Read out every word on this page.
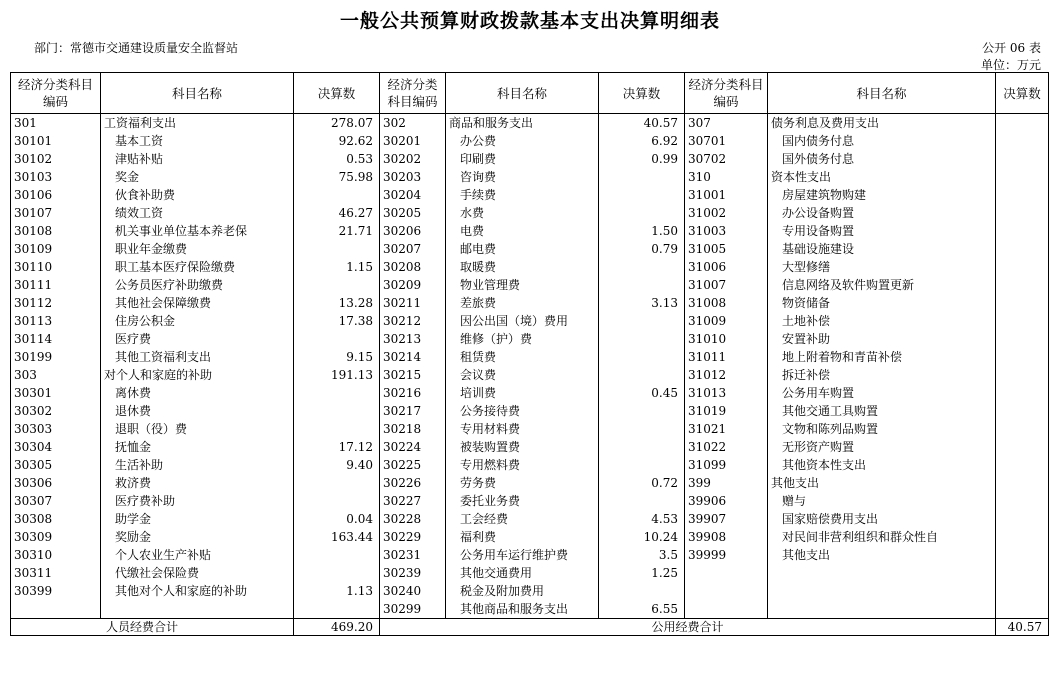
一般公共预算财政拨款基本支出决算明细表
部门：常德市交通建设质量安全监督站	公开 06 表
单位：万元
经济分类科目编码	科目名称	决算数	经济分类科目编码	科目名称	决算数	经济分类科目编码	科目名称	决算数
301	工资福利支出	278.07	302	商品和服务支出	40.57	307	债务利息及费用支出	
30101	基本工资	92.62	30201	办公费	6.92	30701	国内债务付息	
30102	津贴补贴	0.53	30202	印刷费	0.99	30702	国外债务付息	
30103	奖金	75.98	30203	咨询费		310	资本性支出	
30106	伙食补助费		30204	手续费		31001	房屋建筑物购建	
30107	绩效工资	46.27	30205	水费		31002	办公设备购置	
30108	机关事业单位基本养老保	21.71	30206	电费	1.50	31003	专用设备购置	
30109	职业年金缴费		30207	邮电费	0.79	31005	基础设施建设	
30110	职工基本医疗保险缴费	1.15	30208	取暖费		31006	大型修缮	
30111	公务员医疗补助缴费		30209	物业管理费		31007	信息网络及软件购置更新	
30112	其他社会保障缴费	13.28	30211	差旅费	3.13	31008	物资储备	
30113	住房公积金	17.38	30212	因公出国（境）费用		31009	土地补偿	
30114	医疗费		30213	维修（护）费		31010	安置补助	
30199	其他工资福利支出	9.15	30214	租赁费		31011	地上附着物和青苗补偿	
303	对个人和家庭的补助	191.13	30215	会议费		31012	拆迁补偿	
30301	离休费		30216	培训费	0.45	31013	公务用车购置	
30302	退休费		30217	公务接待费		31019	其他交通工具购置	
30303	退职（役）费		30218	专用材料费		31021	文物和陈列品购置	
30304	抚恤金	17.12	30224	被装购置费		31022	无形资产购置	
30305	生活补助	9.40	30225	专用燃料费		31099	其他资本性支出	
30306	救济费		30226	劳务费	0.72	399	其他支出	
30307	医疗费补助		30227	委托业务费		39906	赠与	
30308	助学金	0.04	30228	工会经费	4.53	39907	国家赔偿费用支出	
30309	奖励金	163.44	30229	福利费	10.24	39908	对民间非营利组织和群众性自	
30310	个人农业生产补贴		30231	公务用车运行维护费	3.5	39999	其他支出	
30311	代缴社会保险费		30239	其他交通费用	1.25			
30399	其他对个人和家庭的补助	1.13	30240	税金及附加费用				
			30299	其他商品和服务支出	6.55			
人员经费合计		469.20	公用经费合计					40.57
